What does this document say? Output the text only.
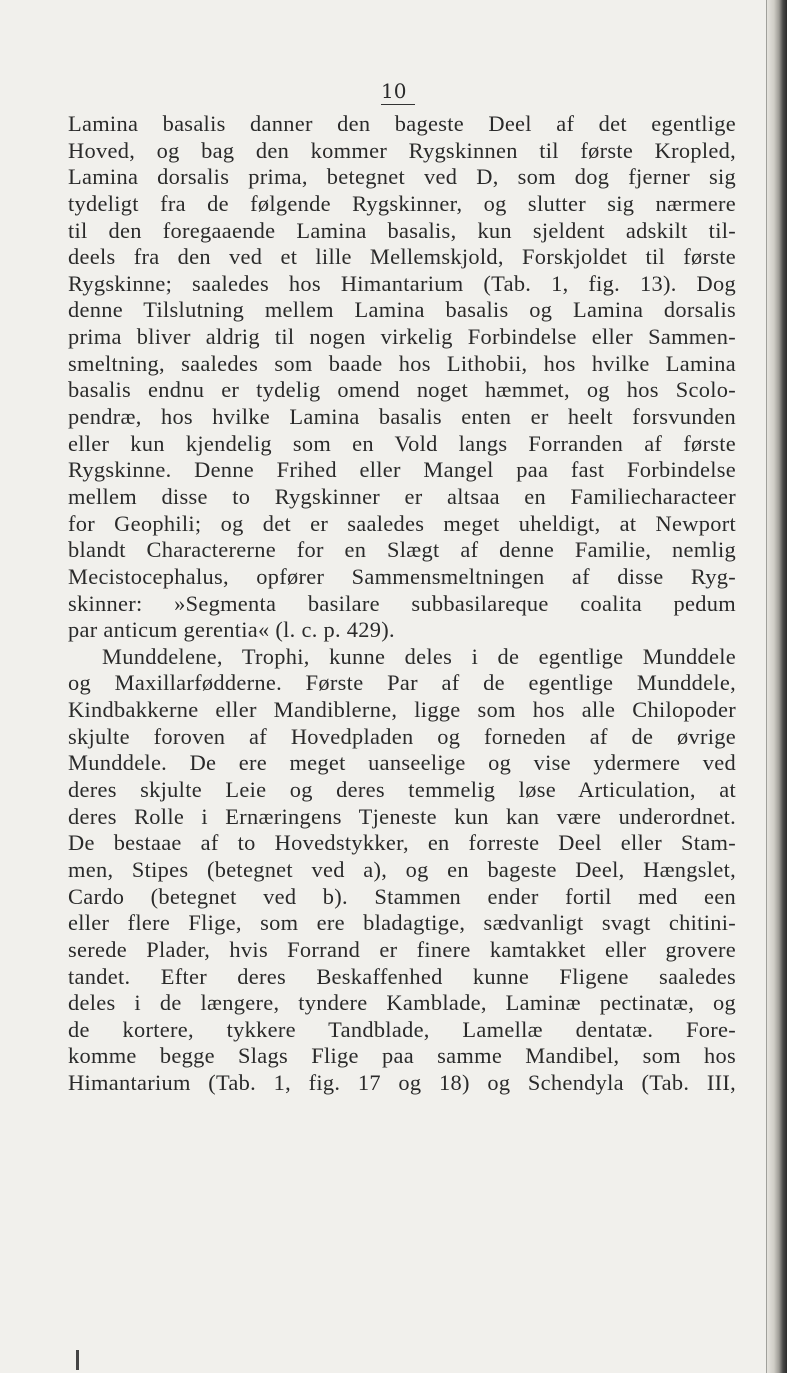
10
Lamina basalis danner den bageste Deel af det egentlige
Hoved, og bag den kommer Rygskinnen til første Kropled,
Lamina dorsalis prima, betegnet ved D, som dog fjerner sig
tydeligt fra de følgende Rygskinner, og slutter sig nærmere
til den foregaaende Lamina basalis, kun sjeldent adskilt til-
deels fra den ved et lille Mellemskjold, Forskjoldet til første
Rygskinne; saaledes hos Himantarium (Tab. 1, fig. 13). Dog
denne Tilslutning mellem Lamina basalis og Lamina dorsalis
prima bliver aldrig til nogen virkelig Forbindelse eller Sammen-
smeltning, saaledes som baade hos Lithobii, hos hvilke Lamina
basalis endnu er tydelig omend noget hæmmet, og hos Scolo-
pendræ, hos hvilke Lamina basalis enten er heelt forsvunden
eller kun kjendelig som en Vold langs Forranden af første
Rygskinne. Denne Frihed eller Mangel paa fast Forbindelse
mellem disse to Rygskinner er altsaa en Familiecharacteer
for Geophili; og det er saaledes meget uheldigt, at Newport
blandt Charactererne for en Slægt af denne Familie, nemlig
Mecistocephalus, opfører Sammensmeltningen af disse Ryg-
skinner: »Segmenta basilare subbasilareque coalita pedum
par anticum gerentia« (l. c. p. 429).
Munddelene, Trophi, kunne deles i de egentlige Munddele
og Maxillarfødderne. Første Par af de egentlige Munddele,
Kindbakkerne eller Mandiblerne, ligge som hos alle Chilopoder
skjulte foroven af Hovedpladen og forneden af de øvrige
Munddele. De ere meget uanseelige og vise ydermere ved
deres skjulte Leie og deres temmelig løse Articulation, at
deres Rolle i Ernæringens Tjeneste kun kan være underordnet.
De bestaae af to Hovedstykker, en forreste Deel eller Stam-
men, Stipes (betegnet ved a), og en bageste Deel, Hængslet,
Cardo (betegnet ved b). Stammen ender fortil med een
eller flere Flige, som ere bladagtige, sædvanligt svagt chitini-
serede Plader, hvis Forrand er finere kamtakket eller grovere
tandet. Efter deres Beskaffenhed kunne Fligene saaledes
deles i de længere, tyndere Kamblade, Laminæ pectinatæ, og
de kortere, tykkere Tandblade, Lamellæ dentatæ. Fore-
komme begge Slags Flige paa samme Mandibel, som hos
Himantarium (Tab. 1, fig. 17 og 18) og Schendyla (Tab. III,
